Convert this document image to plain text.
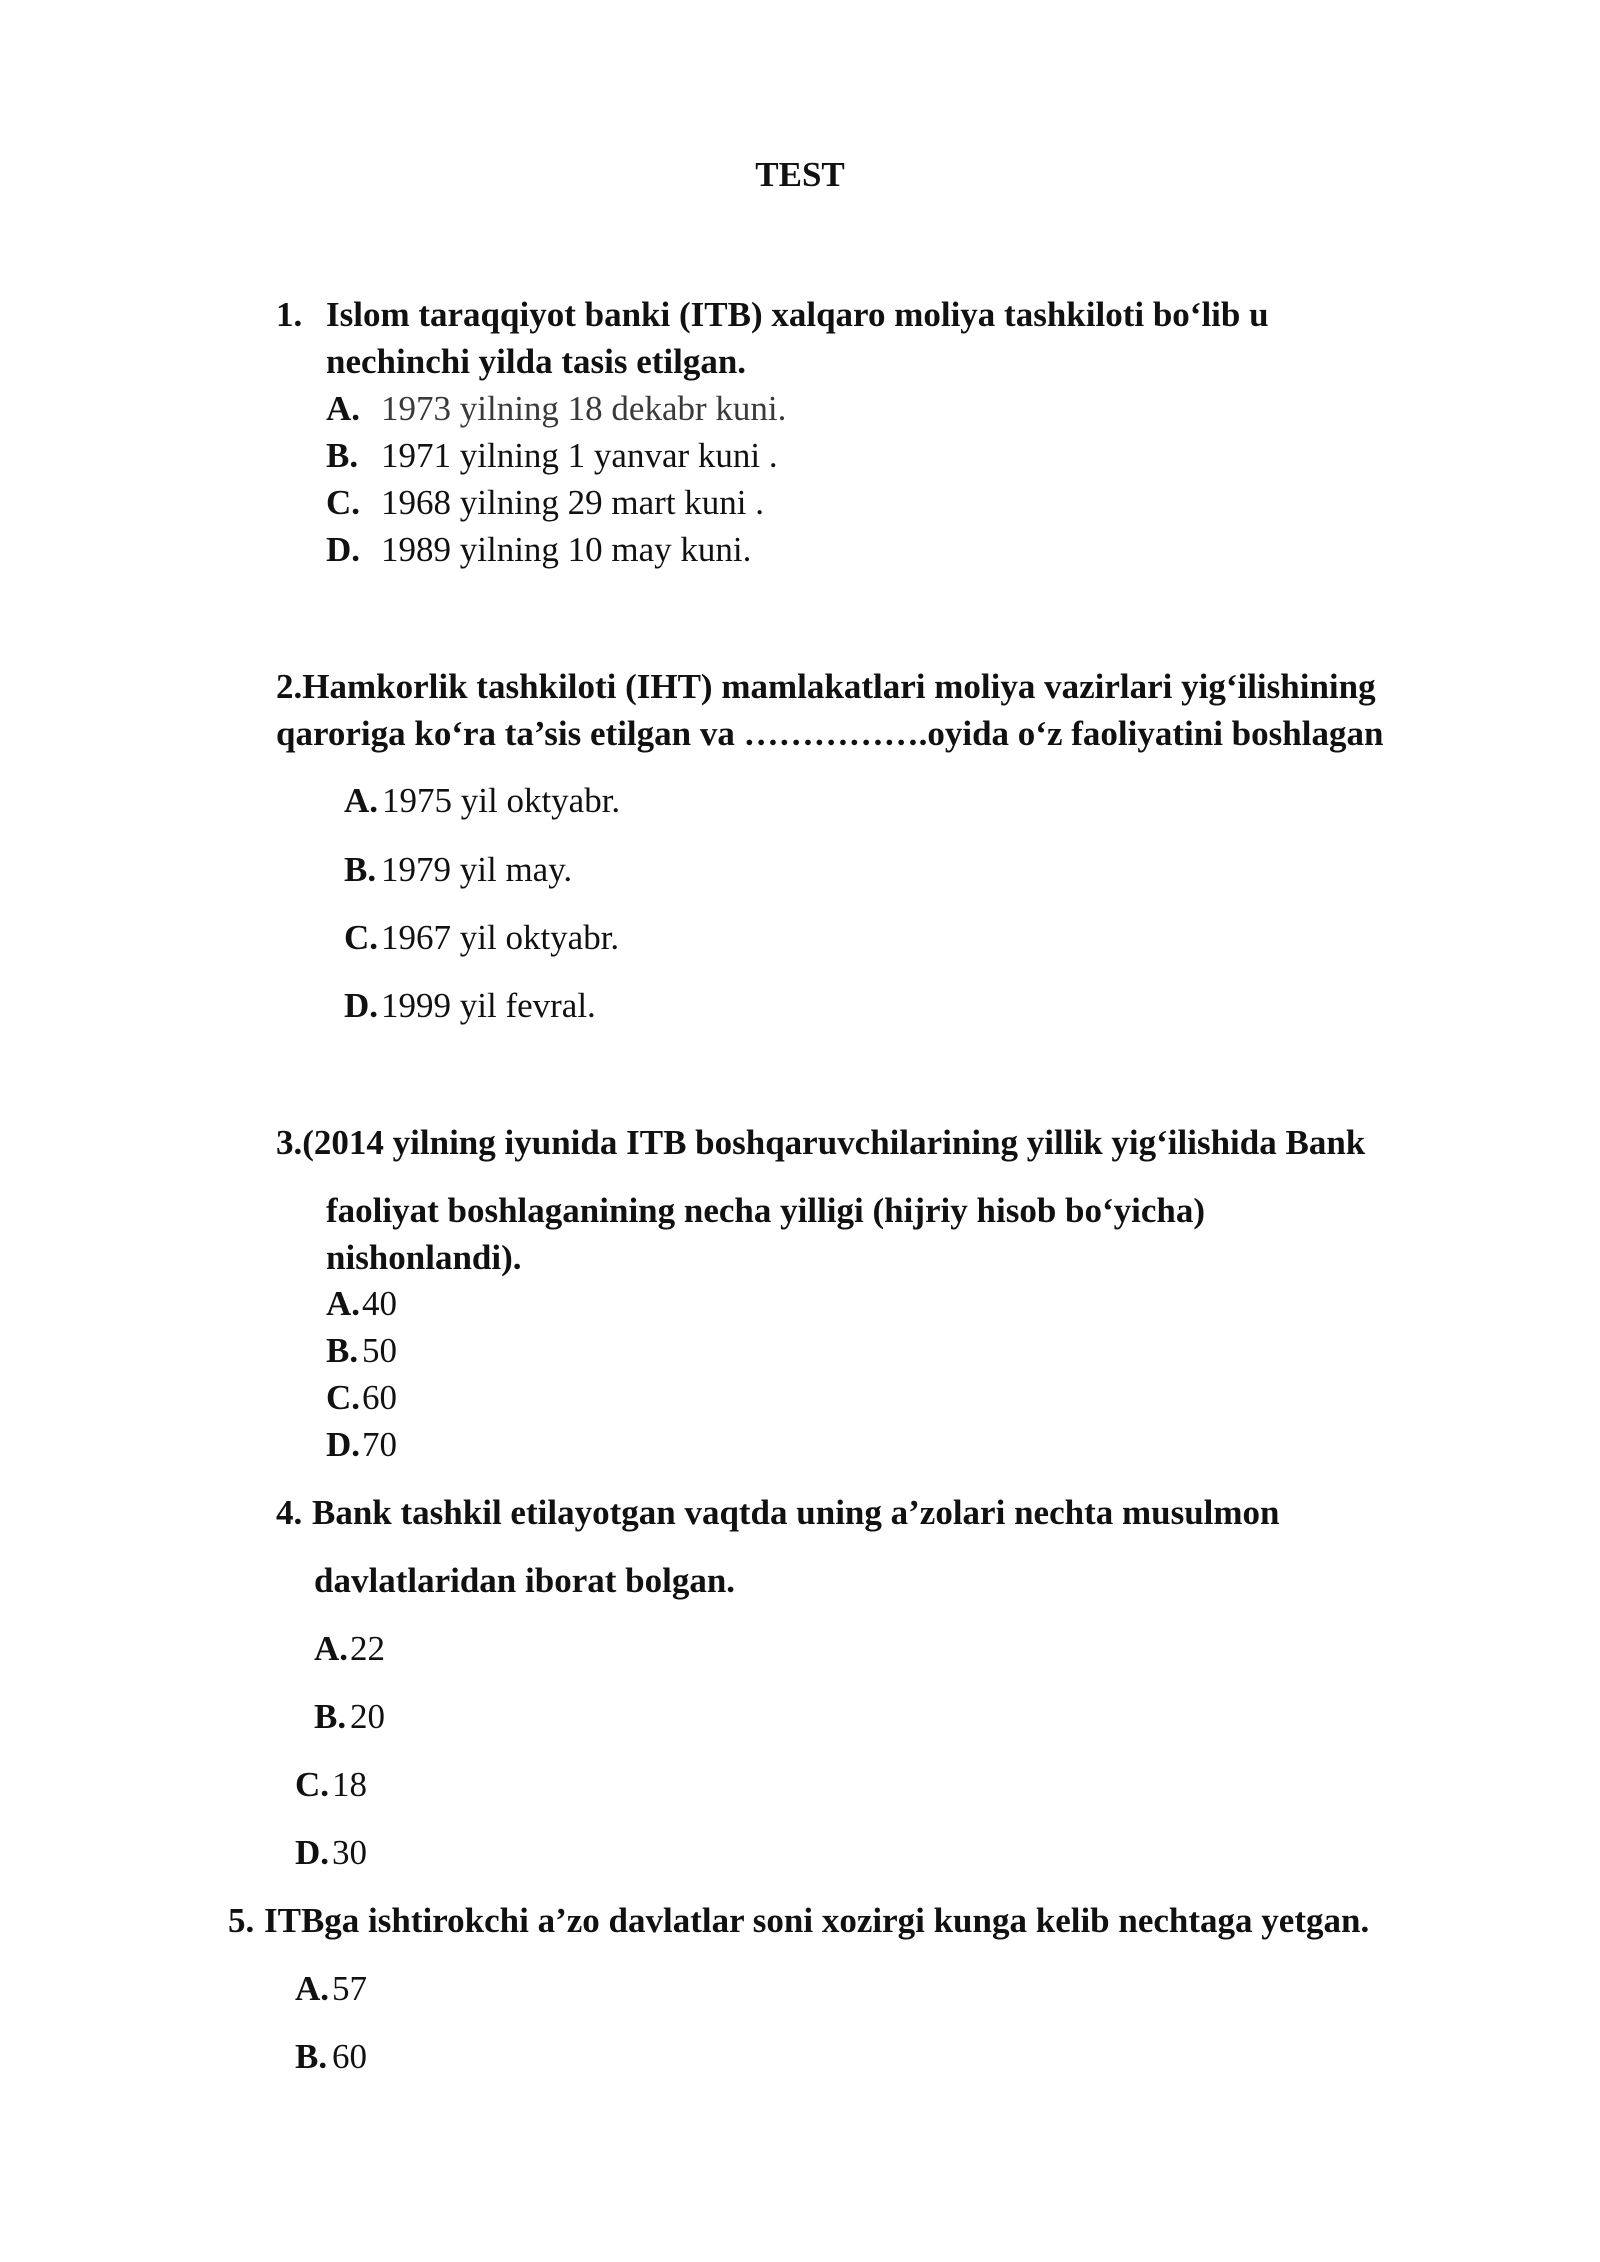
TEST
1. Islom taraqqiyot banki (ITB) xalqaro moliya tashkiloti bo‘lib u
nechinchi yilda tasis etilgan.
A. 1973 yilning 18 dekabr kuni.
B. 1971 yilning 1 yanvar kuni .
C. 1968 yilning 29 mart kuni .
D. 1989 yilning 10 may kuni.
2.Hamkorlik tashkiloti (IHT) mamlakatlari moliya vazirlari yig‘ilishining
qaroriga ko‘ra ta’sis etilgan va …………….oyida o‘z faoliyatini boshlagan
A. 1975 yil oktyabr.
B. 1979 yil may.
C. 1967 yil oktyabr.
D. 1999 yil fevral.
3.(2014 yilning iyunida ITB boshqaruvchilarining yillik yig‘ilishida Bank
faoliyat boshlaganining necha yilligi (hijriy hisob bo‘yicha)
nishonlandi).
A. 40
B. 50
C. 60
D. 70
4. Bank tashkil etilayotgan vaqtda uning a’zolari nechta musulmon
davlatlaridan iborat bolgan.
A. 22
B. 20
C. 18
D. 30
5. ITBga ishtirokchi a’zo davlatlar soni xozirgi kunga kelib nechtaga yetgan.
A. 57
B. 60
